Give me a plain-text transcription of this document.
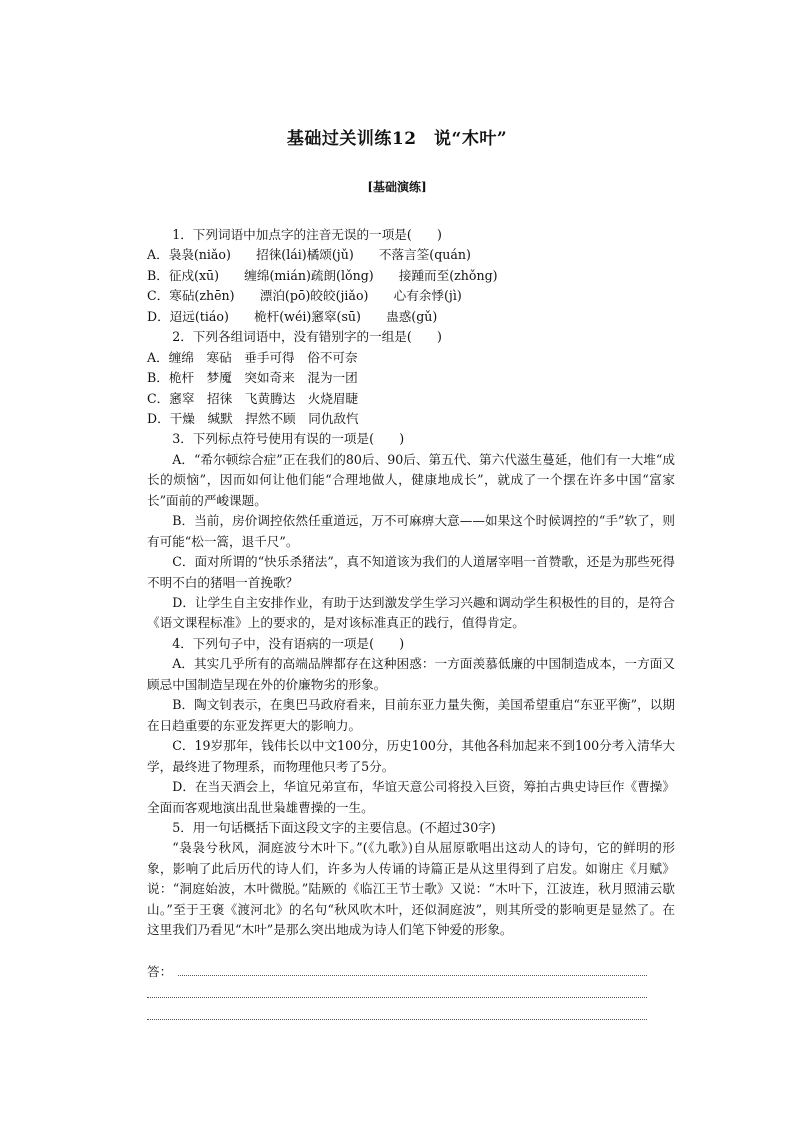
基础过关训练12　说“木叶”
[基础演练]
1．下列词语中加点字的注音无误的一项是(　　)
A．袅袅(niǎo)　　招徕(lái)橘颂(jǔ)　　不落言筌(quán)
B．征戍(xū)　　缠绵(mián)疏朗(lǒng)　　接踵而至(zhǒng)
C．寒砧(zhēn)　　漂泊(pō)皎皎(jiǎo)　　心有余悸(jì)
D．迢远(tiáo)　　桅杆(wéi)窸窣(sū)　　蛊惑(gǔ)
2．下列各组词语中，没有错别字的一组是(　　)
A．缠绵　寒砧　垂手可得　俗不可奈
B．桅杆　梦魇　突如奇来　混为一团
C．窸窣　招徕　飞黄腾达　火烧眉睫
D．干燥　缄默　捍然不顾　同仇敌忾
3．下列标点符号使用有误的一项是(　　)
A．“希尔顿综合症”正在我们的80后、90后、第五代、第六代滋生蔓延，他们有一大堆“成长的烦恼”，因而如何让他们能“合理地做人，健康地成长”，就成了一个摆在许多中国“富家长”面前的严峻课题。
B．当前，房价调控依然任重道远，万不可麻痹大意——如果这个时候调控的“手”软了，则有可能“松一篙，退千尺”。
C．面对所谓的“快乐杀猪法”，真不知道该为我们的人道屠宰唱一首赞歌，还是为那些死得不明不白的猪唱一首挽歌？
D．让学生自主安排作业，有助于达到激发学生学习兴趣和调动学生积极性的目的，是符合《语文课程标准》上的要求的，是对该标准真正的践行，值得肯定。
4．下列句子中，没有语病的一项是(　　)
A．其实几乎所有的高端品牌都存在这种困惑：一方面羡慕低廉的中国制造成本，一方面又顾忌中国制造呈现在外的价廉物劣的形象。
B．陶文钊表示，在奥巴马政府看来，目前东亚力量失衡，美国希望重启“东亚平衡”，以期在日趋重要的东亚发挥更大的影响力。
C．19岁那年，钱伟长以中文100分，历史100分，其他各科加起来不到100分考入清华大学，最终进了物理系，而物理他只考了5分。
D．在当天酒会上，华谊兄弟宣布，华谊天意公司将投入巨资，筹拍古典史诗巨作《曹操》全面而客观地演出乱世枭雄曹操的一生。
5．用一句话概括下面这段文字的主要信息。(不超过30字)
“袅袅兮秋风，洞庭波兮木叶下。”(《九歌》)自从屈原歌唱出这动人的诗句，它的鲜明的形象，影响了此后历代的诗人们，许多为人传诵的诗篇正是从这里得到了启发。如谢庄《月赋》说：“洞庭始波，木叶微脱。”陆厥的《临江王节士歌》又说：“木叶下，江波连，秋月照浦云歇山。”至于王褒《渡河北》的名句“秋风吹木叶，还似洞庭波”，则其所受的影响更是显然了。在这里我们乃看见“木叶”是那么突出地成为诗人们笔下钟爱的形象。
答：
